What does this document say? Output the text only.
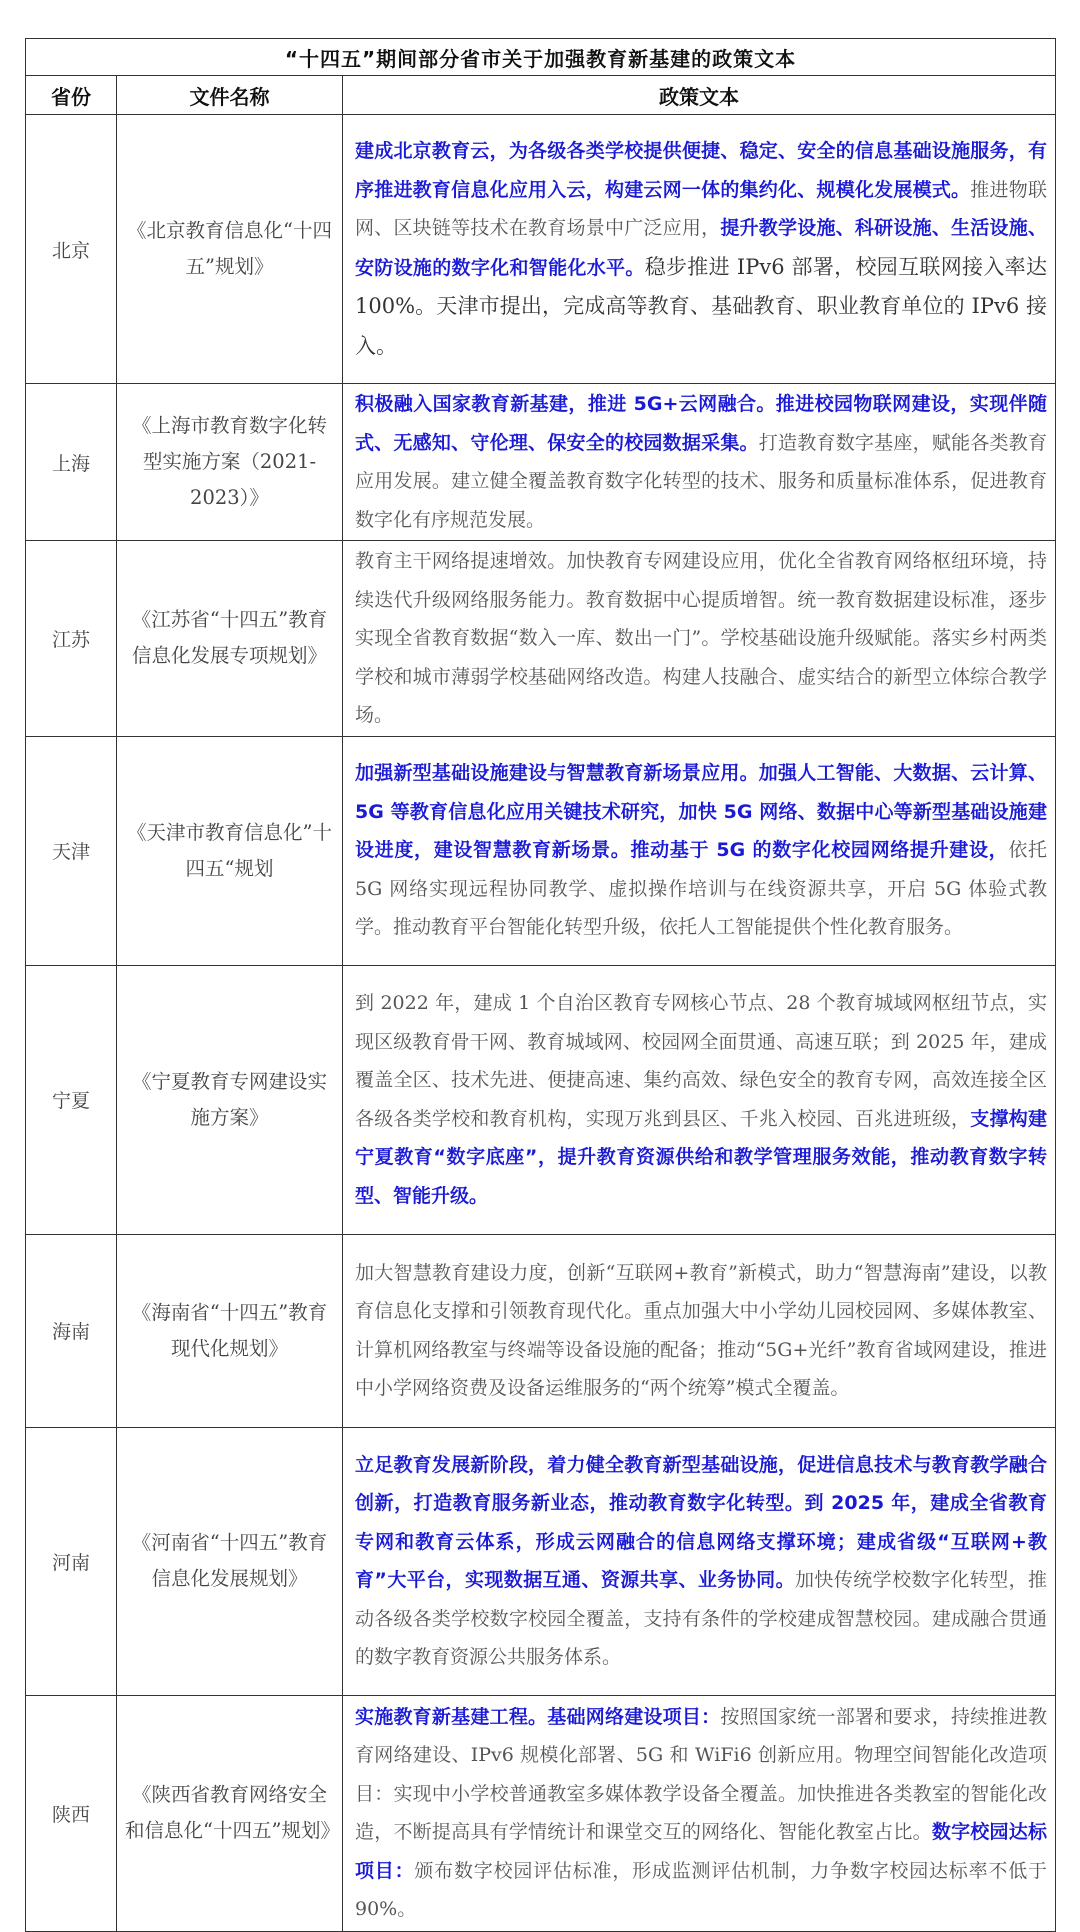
“十四五”期间部分省市关于加强教育新基建的政策文本		
省份	文件名称	政策文本
北京	《北京教育信息化“十四五”规划》	建成北京教育云，为各级各类学校提供便捷、稳定、安全的信息基础设施服务，有序推进教育信息化应用入云，构建云网一体的集约化、规模化发展模式。推进物联网、区块链等技术在教育场景中广泛应用，提升教学设施、科研设施、生活设施、安防设施的数字化和智能化水平。稳步推进 IPv6 部署，校园互联网接入率达 100%。天津市提出，完成高等教育、基础教育、职业教育单位的 IPv6 接入。
上海	《上海市教育数字化转型实施方案（2021-2023）》	积极融入国家教育新基建，推进 5G+云网融合。推进校园物联网建设，实现伴随式、无感知、守伦理、保安全的校园数据采集。打造教育数字基座，赋能各类教育应用发展。建立健全覆盖教育数字化转型的技术、服务和质量标准体系，促进教育数字化有序规范发展。
江苏	《江苏省“十四五”教育信息化发展专项规划》	教育主干网络提速增效。加快教育专网建设应用，优化全省教育网络枢纽环境，持续迭代升级网络服务能力。教育数据中心提质增智。统一教育数据建设标准，逐步实现全省教育数据“数入一库、数出一门”。学校基础设施升级赋能。落实乡村两类学校和城市薄弱学校基础网络改造。构建人技融合、虚实结合的新型立体综合教学场。
天津	《天津市教育信息化”十四五“规划	加强新型基础设施建设与智慧教育新场景应用。加强人工智能、大数据、云计算、5G 等教育信息化应用关键技术研究，加快 5G 网络、数据中心等新型基础设施建设进度，建设智慧教育新场景。推动基于 5G 的数字化校园网络提升建设，依托 5G 网络实现远程协同教学、虚拟操作培训与在线资源共享，开启 5G 体验式教学。推动教育平台智能化转型升级，依托人工智能提供个性化教育服务。
宁夏	《宁夏教育专网建设实施方案》	到 2022 年，建成 1 个自治区教育专网核心节点、28 个教育城域网枢纽节点，实现区级教育骨干网、教育城域网、校园网全面贯通、高速互联；到 2025 年，建成覆盖全区、技术先进、便捷高速、集约高效、绿色安全的教育专网，高效连接全区各级各类学校和教育机构，实现万兆到县区、千兆入校园、百兆进班级，支撑构建宁夏教育“数字底座”，提升教育资源供给和教学管理服务效能，推动教育数字转型、智能升级。
海南	《海南省“十四五”教育现代化规划》	加大智慧教育建设力度，创新“互联网+教育”新模式，助力“智慧海南”建设，以教育信息化支撑和引领教育现代化。重点加强大中小学幼儿园校园网、多媒体教室、计算机网络教室与终端等设备设施的配备；推动“5G+光纤”教育省域网建设，推进中小学网络资费及设备运维服务的“两个统筹”模式全覆盖。
河南	《河南省“十四五”教育信息化发展规划》	立足教育发展新阶段，着力健全教育新型基础设施，促进信息技术与教育教学融合创新，打造教育服务新业态，推动教育数字化转型。到 2025 年，建成全省教育专网和教育云体系，形成云网融合的信息网络支撑环境；建成省级“互联网+教育”大平台，实现数据互通、资源共享、业务协同。加快传统学校数字化转型，推动各级各类学校数字校园全覆盖，支持有条件的学校建成智慧校园。建成融合贯通的数字教育资源公共服务体系。
陕西	《陕西省教育网络安全和信息化“十四五”规划》	实施教育新基建工程。基础网络建设项目：按照国家统一部署和要求，持续推进教育网络建设、IPv6 规模化部署、5G 和 WiFi6 创新应用。物理空间智能化改造项目：实现中小学校普通教室多媒体教学设备全覆盖。加快推进各类教室的智能化改造，不断提高具有学情统计和课堂交互的网络化、智能化教室占比。数字校园达标项目：颁布数字校园评估标准，形成监测评估机制，力争数字校园达标率不低于 90%。
